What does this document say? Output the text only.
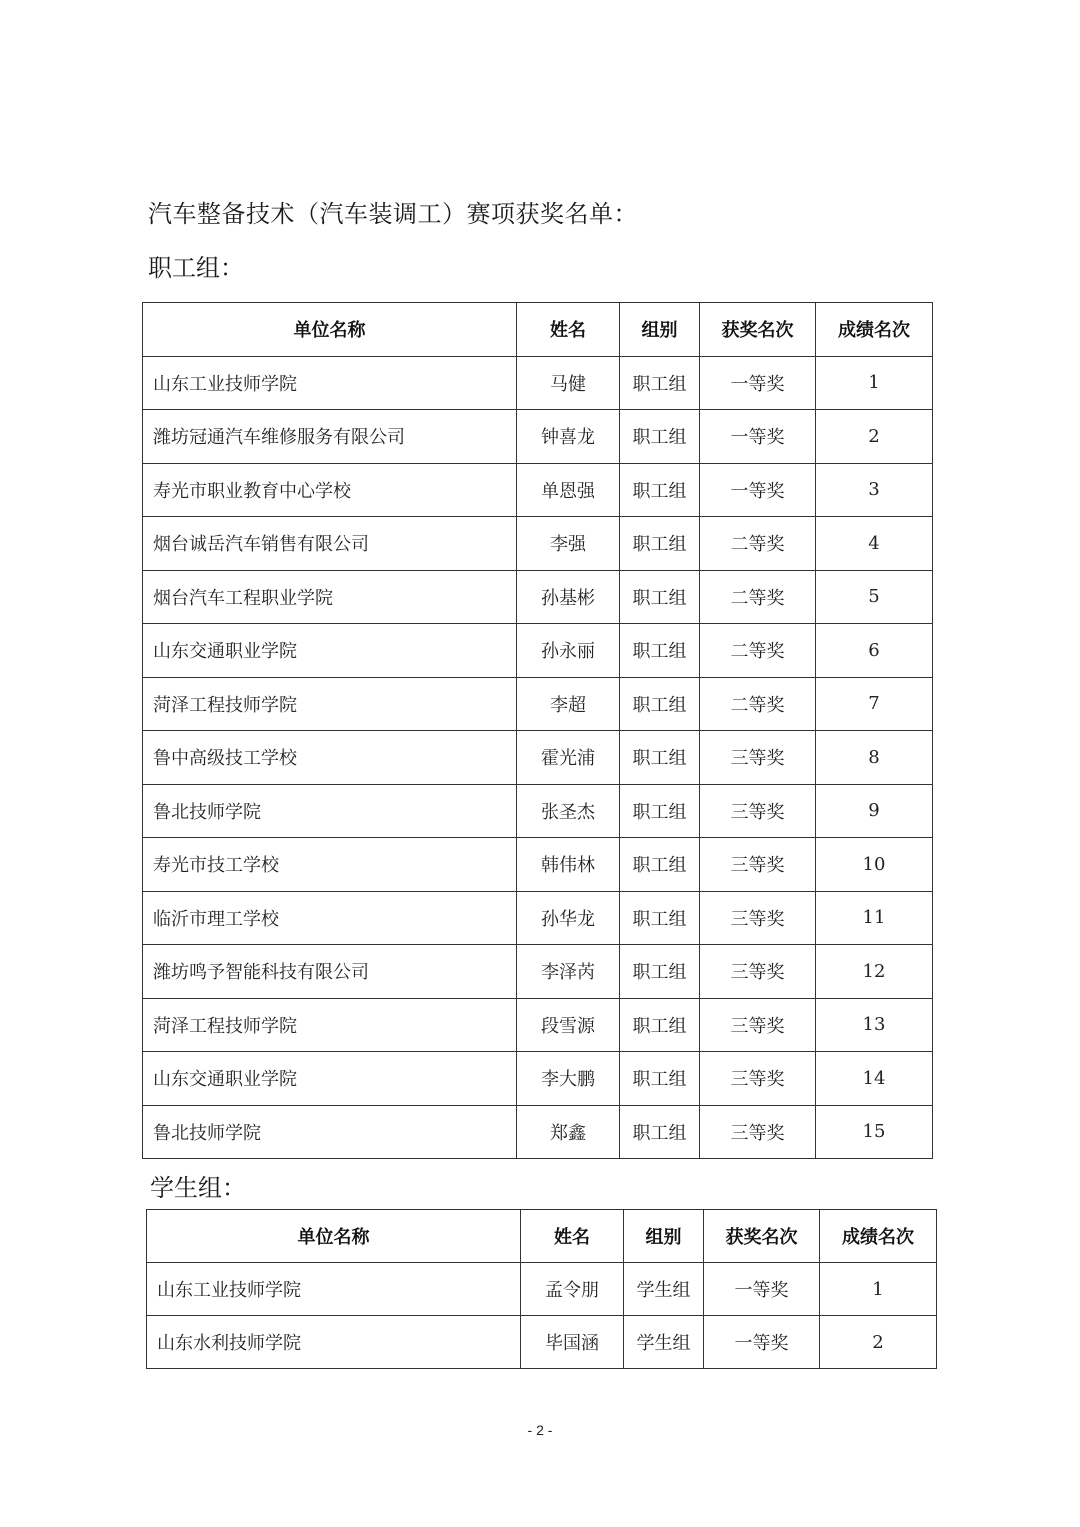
汽车整备技术（汽车装调工）赛项获奖名单：
职工组：
单位名称	姓名	组别	获奖名次	成绩名次
山东工业技师学院	马健	职工组	一等奖	1
潍坊冠通汽车维修服务有限公司	钟喜龙	职工组	一等奖	2
寿光市职业教育中心学校	单恩强	职工组	一等奖	3
烟台诚岳汽车销售有限公司	李强	职工组	二等奖	4
烟台汽车工程职业学院	孙基彬	职工组	二等奖	5
山东交通职业学院	孙永丽	职工组	二等奖	6
菏泽工程技师学院	李超	职工组	二等奖	7
鲁中高级技工学校	霍光浦	职工组	三等奖	8
鲁北技师学院	张圣杰	职工组	三等奖	9
寿光市技工学校	韩伟林	职工组	三等奖	10
临沂市理工学校	孙华龙	职工组	三等奖	11
潍坊鸣予智能科技有限公司	李泽芮	职工组	三等奖	12
菏泽工程技师学院	段雪源	职工组	三等奖	13
山东交通职业学院	李大鹏	职工组	三等奖	14
鲁北技师学院	郑鑫	职工组	三等奖	15
学生组：
单位名称	姓名	组别	获奖名次	成绩名次
山东工业技师学院	孟令朋	学生组	一等奖	1
山东水利技师学院	毕国涵	学生组	一等奖	2
- 2 -
